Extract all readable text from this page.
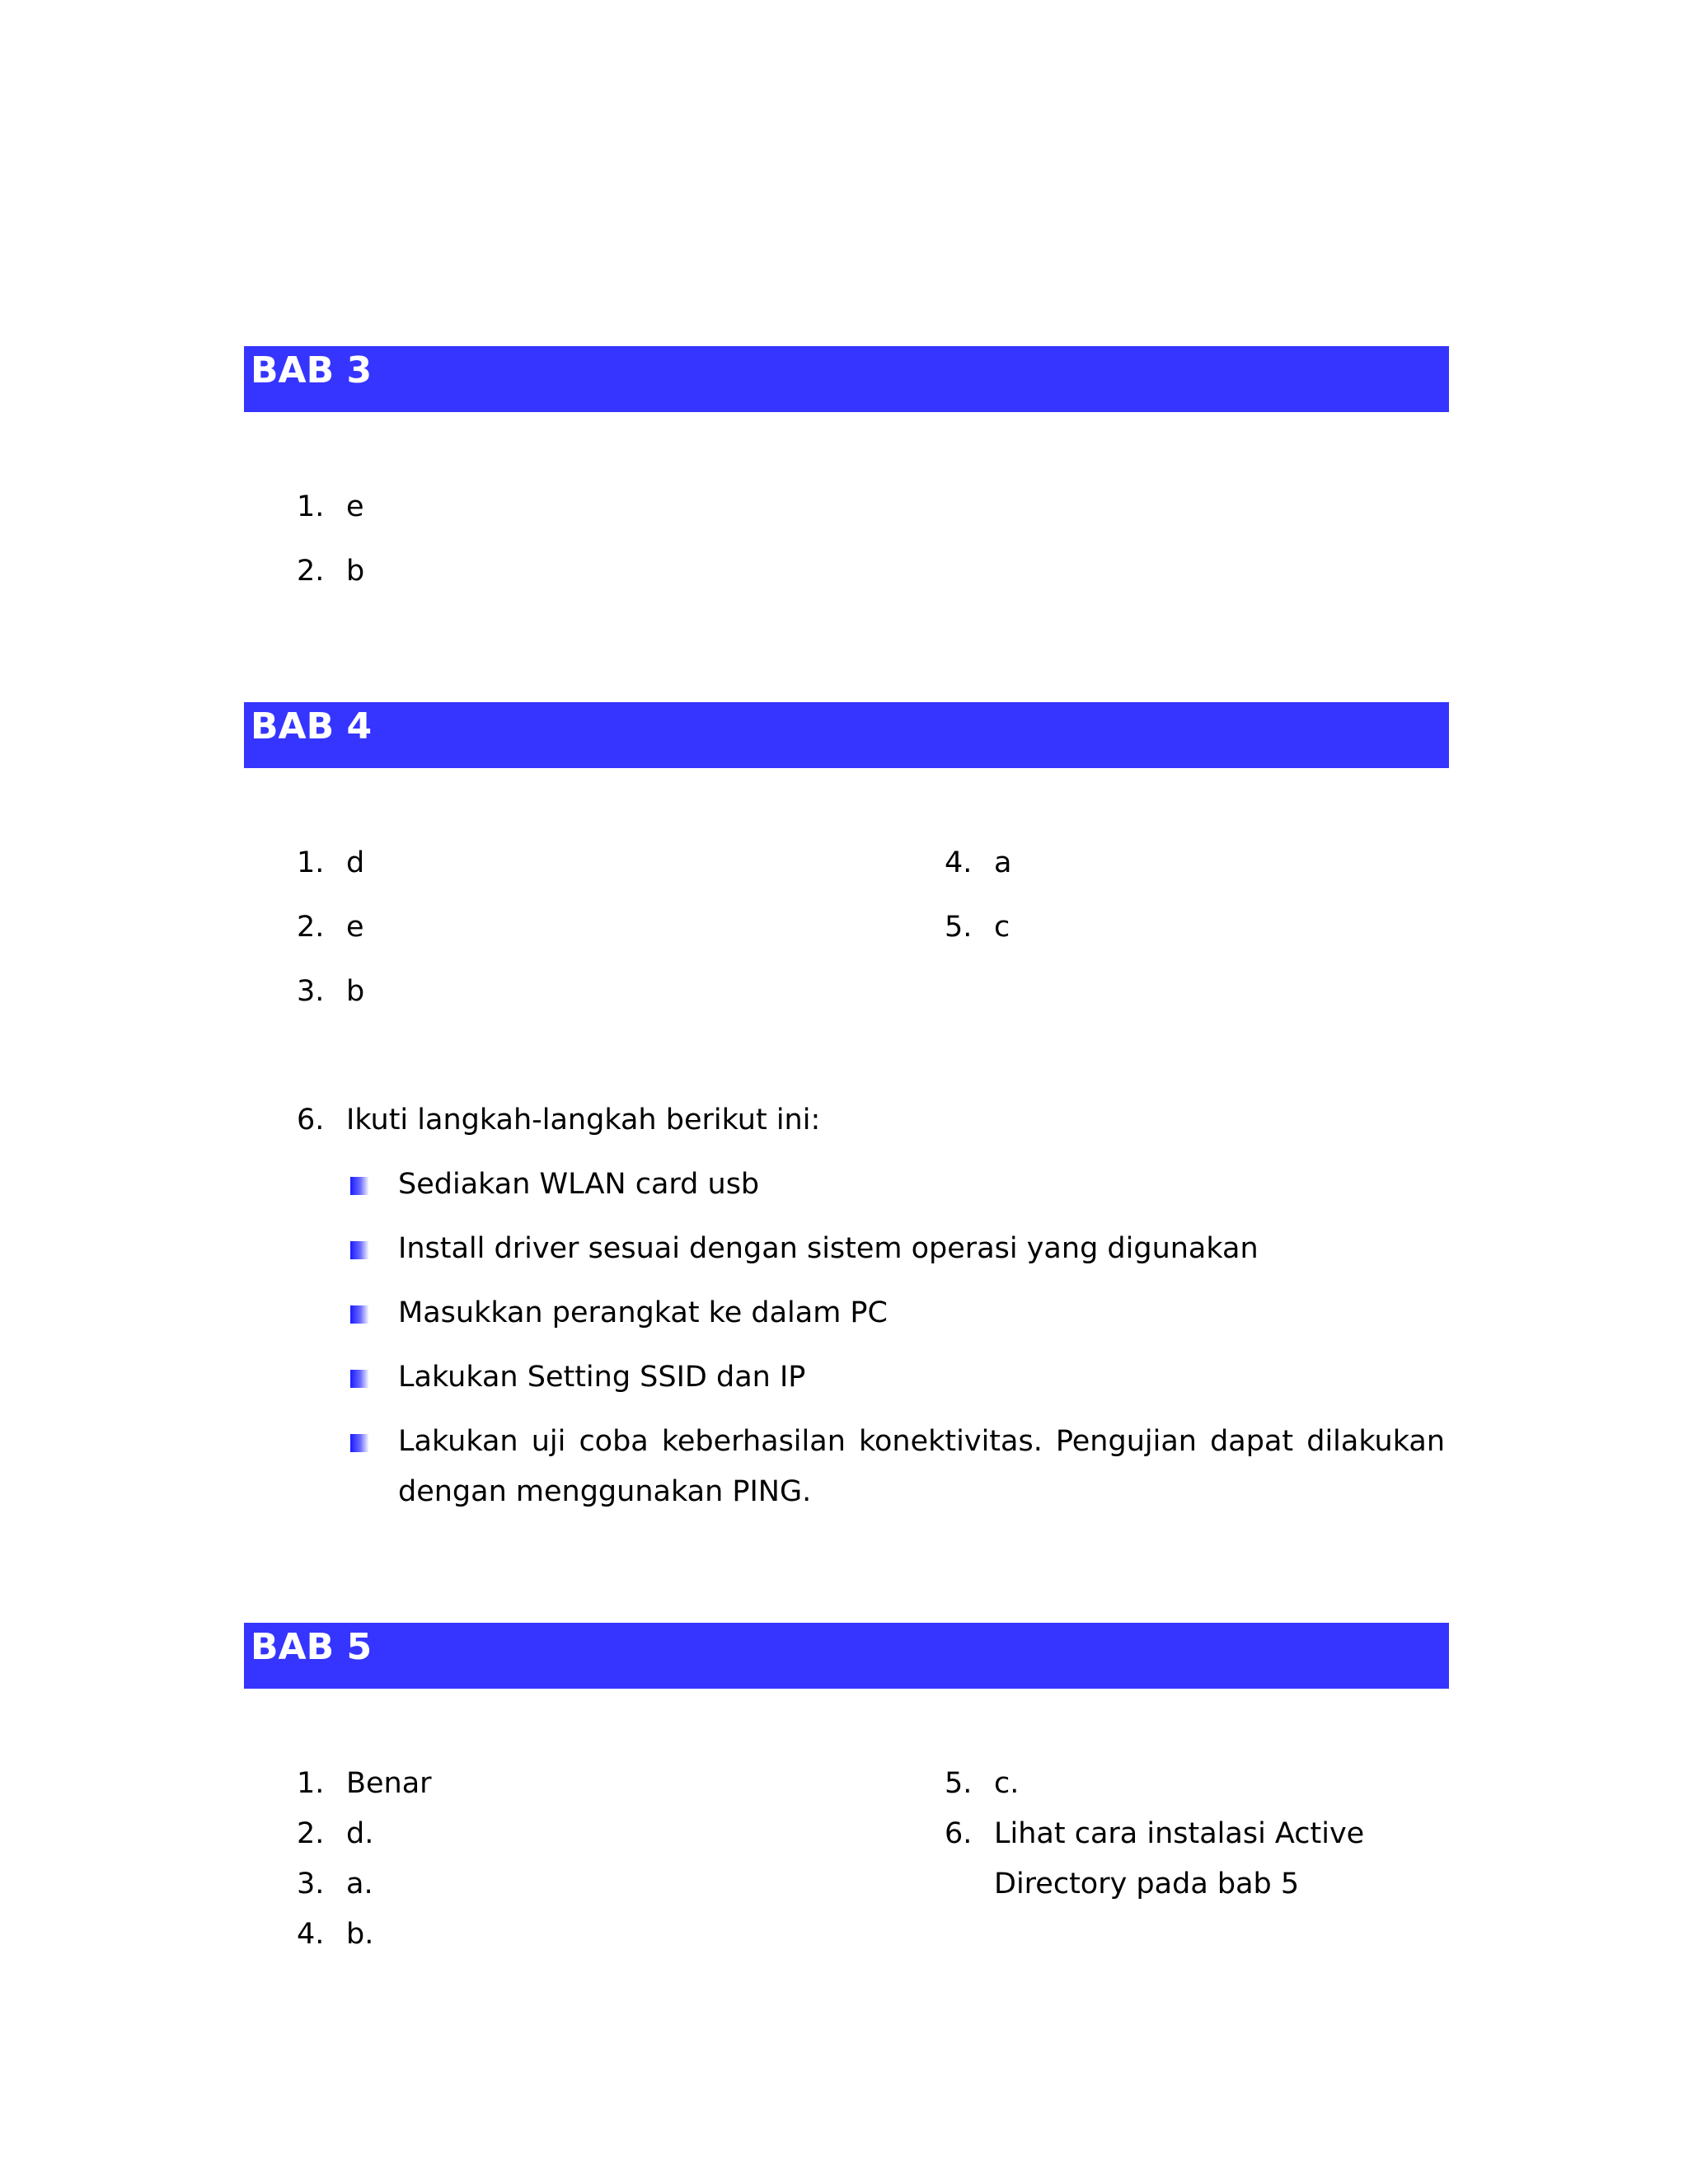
BAB 3
1. e
2. b
BAB 4
1. d
2. e
3. b
4. a
5. c
6. Ikuti langkah-langkah berikut ini:
Sediakan WLAN card usb
Install driver sesuai dengan sistem operasi yang digunakan
Masukkan perangkat ke dalam PC
Lakukan Setting SSID dan IP
Lakukan uji coba keberhasilan konektivitas. Pengujian dapat dilakukan dengan menggunakan PING.
BAB 5
1. Benar
2. d.
3. a.
4. b.
5. c.
6. Lihat cara instalasi Active Directory pada bab 5
